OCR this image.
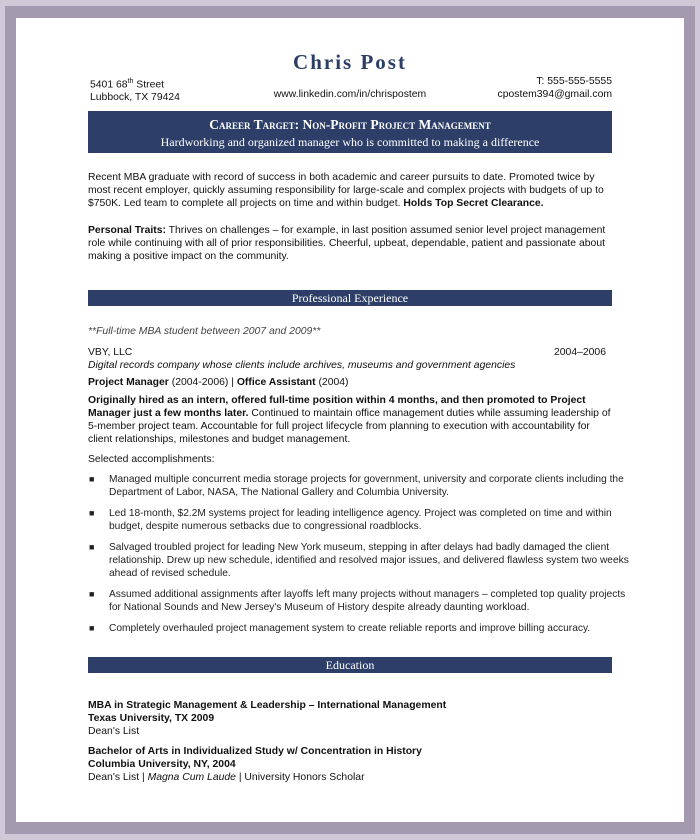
Chris Post
5401 68th Street
Lubbock, TX 79424	www.linkedin.com/in/chrispostem
T: 555-555-5555
cpostem394@gmail.com
Career Target: Non-Profit Project Management
Hardworking and organized manager who is committed to making a difference
Recent MBA graduate with record of success in both academic and career pursuits to date. Promoted twice by most recent employer, quickly assuming responsibility for large-scale and complex projects with budgets of up to $750K. Led team to complete all projects on time and within budget. Holds Top Secret Clearance.
Personal Traits: Thrives on challenges – for example, in last position assumed senior level project management role while continuing with all of prior responsibilities. Cheerful, upbeat, dependable, patient and passionate about making a positive impact on the community.
Professional Experience
**Full-time MBA student between 2007 and 2009**
VBY, LLC	2004–2006
Digital records company whose clients include archives, museums and government agencies
Project Manager (2004-2006) | Office Assistant (2004)
Originally hired as an intern, offered full-time position within 4 months, and then promoted to Project Manager just a few months later. Continued to maintain office management duties while assuming leadership of 5-member project team. Accountable for full project lifecycle from planning to execution with accountability for client relationships, milestones and budget management.
Selected accomplishments:
■ Managed multiple concurrent media storage projects for government, university and corporate clients including the Department of Labor, NASA, The National Gallery and Columbia University.
■ Led 18-month, $2.2M systems project for leading intelligence agency. Project was completed on time and within budget, despite numerous setbacks due to congressional roadblocks.
■ Salvaged troubled project for leading New York museum, stepping in after delays had badly damaged the client relationship. Drew up new schedule, identified and resolved major issues, and delivered flawless system two weeks ahead of revised schedule.
■ Assumed additional assignments after layoffs left many projects without managers – completed top quality projects for National Sounds and New Jersey's Museum of History despite already daunting workload.
■ Completely overhauled project management system to create reliable reports and improve billing accuracy.
Education
MBA in Strategic Management & Leadership – International Management
Texas University, TX 2009
Dean's List
Bachelor of Arts in Individualized Study w/ Concentration in History
Columbia University, NY, 2004
Dean's List | Magna Cum Laude | University Honors Scholar
